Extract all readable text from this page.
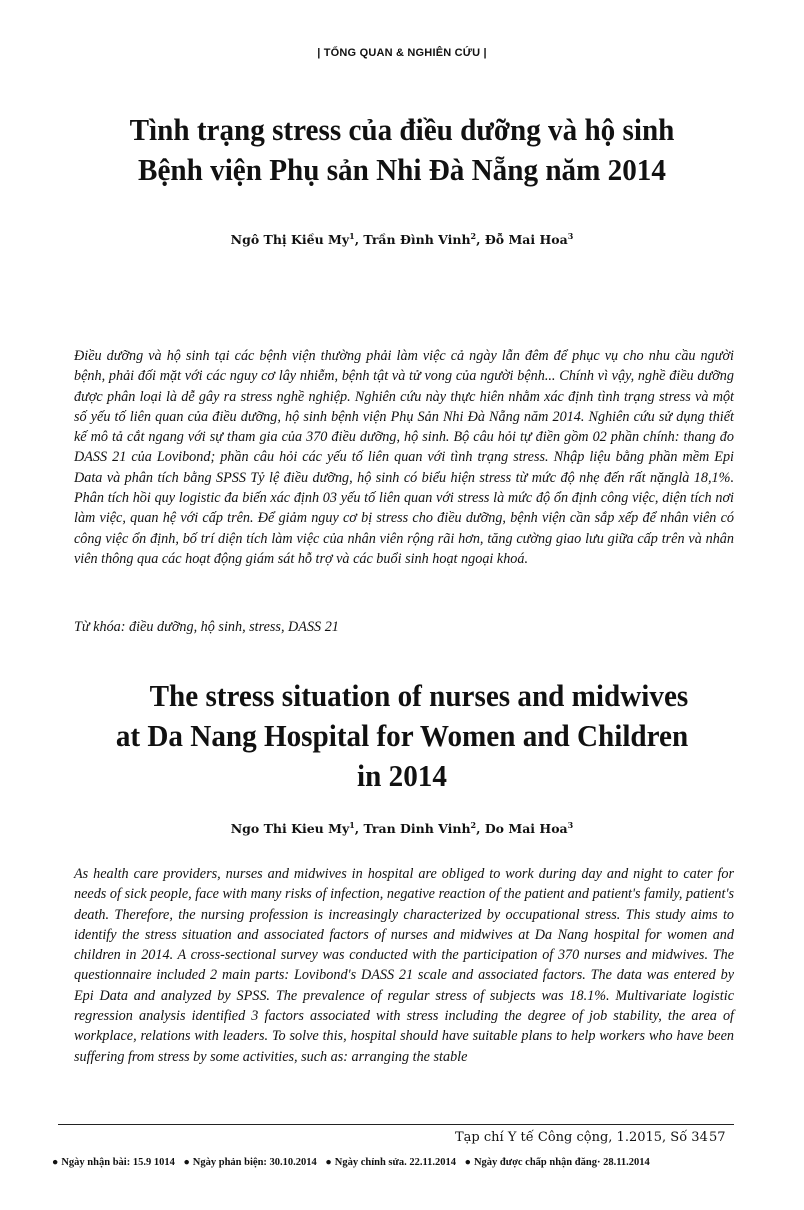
| TỔNG QUAN & NGHIÊN CỨU |
Tình trạng stress của điều dưỡng và hộ sinh
Bệnh viện Phụ sản Nhi Đà Nẵng năm 2014
Ngô Thị Kiều My$^1$, Trần Đình Vinh$^2$, Đỗ Mai Hoa$^3$
Điều dưỡng và hộ sinh tại các bệnh viện thường phải làm việc cả ngày lẫn đêm để phục vụ cho nhu cầu người bệnh, phải đối mặt với các nguy cơ lây nhiễm, bệnh tật và tử vong của người bệnh... Chính vì vậy, nghề điều dưỡng được phân loại là dễ gây ra stress nghề nghiệp. Nghiên cứu này thực hiên nhằm xác định tình trạng stress và một số yếu tố liên quan của điều dưỡng, hộ sinh bệnh viện Phụ Sản Nhi Đà Nẵng năm 2014. Nghiên cứu sử dụng thiết kế mô tả cắt ngang với sự tham gia của 370 điều dưỡng, hộ sinh. Bộ câu hỏi tự điền gồm 02 phần chính: thang đo DASS 21 của Lovibond; phần câu hỏi các yếu tố liên quan với tình trạng stress. Nhập liệu bằng phần mềm Epi Data và phân tích bằng SPSS Tỷ lệ điều dưỡng, hộ sinh có biểu hiện stress từ mức độ nhẹ đến rất nặnglà 18,1%. Phân tích hồi quy logistic đa biến xác định 03 yếu tố liên quan với stress là mức độ ổn định công việc, diện tích nơi làm việc, quan hệ với cấp trên. Để giảm nguy cơ bị stress cho điều dưỡng, bệnh viện cần sắp xếp để nhân viên có công việc ổn định, bố trí diện tích làm việc của nhân viên rộng rãi hơn, tăng cường giao lưu giữa cấp trên và nhân viên thông qua các hoạt động giám sát hỗ trợ và các buổi sinh hoạt ngoại khoá.
Từ khóa: điều dưỡng, hộ sinh, stress, DASS 21
The stress situation of nurses and midwives
at Da Nang Hospital for Women and Children
in 2014
Ngo Thi Kieu My$^1$, Tran Dinh Vinh$^2$, Do Mai Hoa$^3$
As health care providers, nurses and midwives in hospital are obliged to work during day and night to cater for needs of sick people, face with many risks of infection, negative reaction of the patient and patient's family, patient's death. Therefore, the nursing profession is increasingly characterized by occupational stress. This study aims to identify the stress situation and associated factors of nurses and midwives at Da Nang hospital for women and children in 2014. A cross-sectional survey was conducted with the participation of 370 nurses and midwives. The questionnaire included 2 main parts: Lovibond's DASS 21 scale and associated factors. The data was entered by Epi Data and analyzed by SPSS. The prevalence of regular stress of subjects was 18.1%. Multivariate logistic regression analysis identified 3 factors associated with stress including the degree of job stability, the area of workplace, relations with leaders. To solve this, hospital should have suitable plans to help workers who have been suffering from stress by some activities, such as: arranging the stable
Tạp chí Y tế Công cộng, 1.2015, Số 34 57
● Ngày nhận bài: 15.9 1014 ● Ngày phản biện: 30.10.2014 ● Ngày chỉnh sửa. 22.11.2014 ● Ngày được chấp nhận đăng· 28.11.2014
